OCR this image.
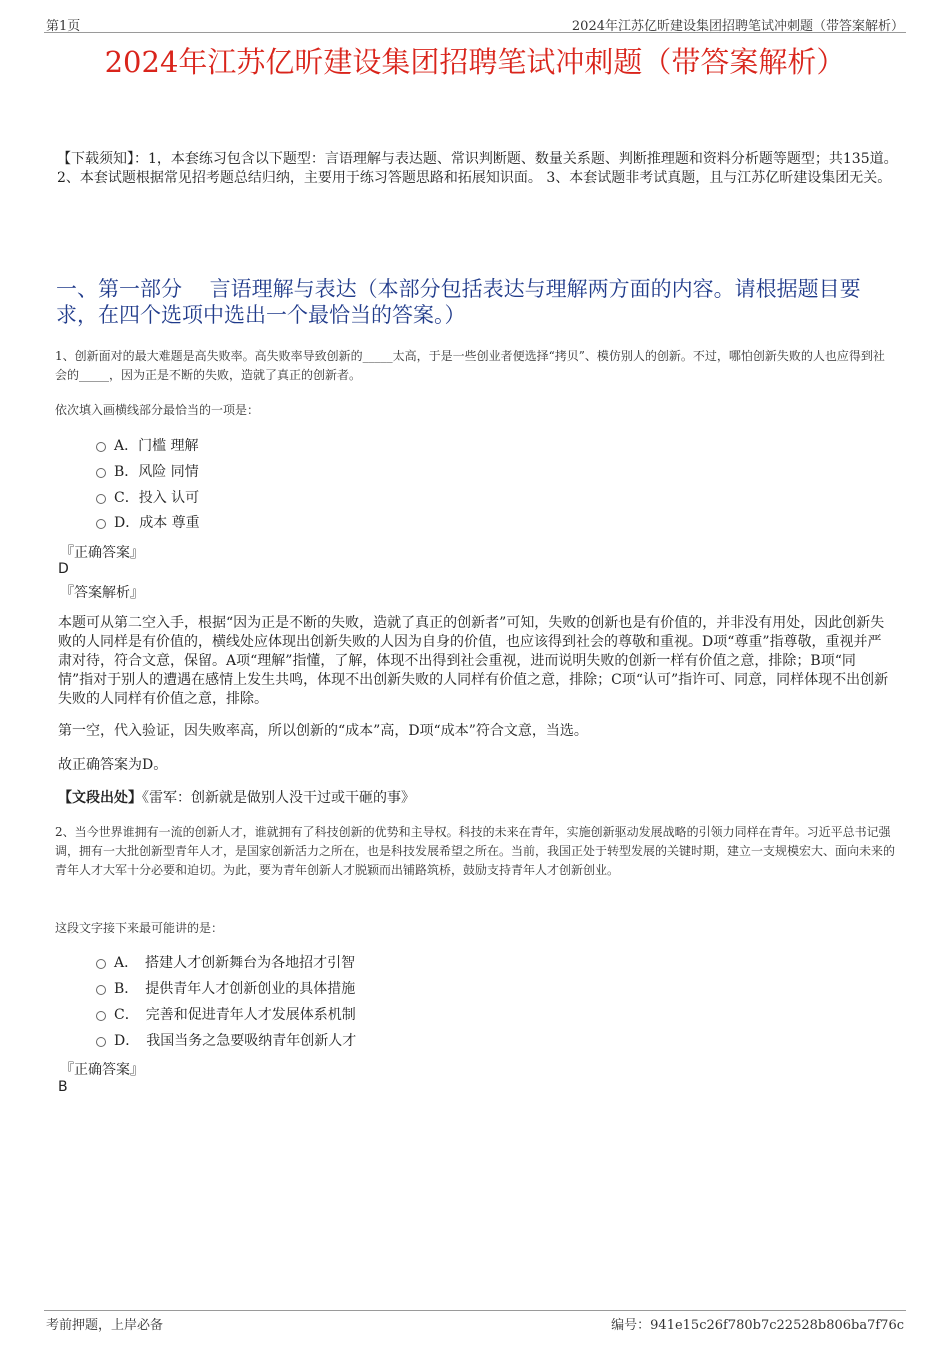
第1页	2024年江苏亿昕建设集团招聘笔试冲刺题（带答案解析）
2024年江苏亿昕建设集团招聘笔试冲刺题（带答案解析）
【下载须知】：1，本套练习包含以下题型：言语理解与表达题、常识判断题、数量关系题、判断推理题和资料分析题等题型；共135道。 2、本套试题根据常见招考题总结归纳，主要用于练习答题思路和拓展知识面。 3、本套试题非考试真题，且与江苏亿昕建设集团无关。
一、第一部分　 言语理解与表达（本部分包括表达与理解两方面的内容。请根据题目要求，在四个选项中选出一个最恰当的答案。）
1、创新面对的最大难题是高失败率。高失败率导致创新的_____太高，于是一些创业者便选择“拷贝”、模仿别人的创新。不过，哪怕创新失败的人也应得到社会的_____，因为正是不断的失败，造就了真正的创新者。
依次填入画横线部分最恰当的一项是：
A．门槛 理解
B．风险 同情
C．投入 认可
D．成本 尊重
『正确答案』
D
『答案解析』
本题可从第二空入手，根据“因为正是不断的失败，造就了真正的创新者”可知，失败的创新也是有价值的，并非没有用处，因此创新失败的人同样是有价值的，横线处应体现出创新失败的人因为自身的价值，也应该得到社会的尊敬和重视。D项“尊重”指尊敬，重视并严肃对待，符合文意，保留。A项“理解”指懂，了解，体现不出得到社会重视，进而说明失败的创新一样有价值之意，排除；B项“同情”指对于别人的遭遇在感情上发生共鸣，体现不出创新失败的人同样有价值之意，排除；C项“认可”指许可、同意，同样体现不出创新失败的人同样有价值之意，排除。
第一空，代入验证，因失败率高，所以创新的“成本”高，D项“成本”符合文意，当选。
故正确答案为D。
【文段出处】《雷军：创新就是做别人没干过或干砸的事》
2、当今世界谁拥有一流的创新人才，谁就拥有了科技创新的优势和主导权。科技的未来在青年，实施创新驱动发展战略的引领力同样在青年。习近平总书记强调，拥有一大批创新型青年人才，是国家创新活力之所在，也是科技发展希望之所在。当前，我国正处于转型发展的关键时期，建立一支规模宏大、面向未来的青年人才大军十分必要和迫切。为此，要为青年创新人才脱颖而出铺路筑桥，鼓励支持青年人才创新创业。
这段文字接下来最可能讲的是：
A．　搭建人才创新舞台为各地招才引智
B．　提供青年人才创新创业的具体措施
C．　完善和促进青年人才发展体系机制
D．　我国当务之急要吸纳青年创新人才
『正确答案』
B
考前押题，上岸必备	编号：941e15c26f780b7c22528b806ba7f76c
